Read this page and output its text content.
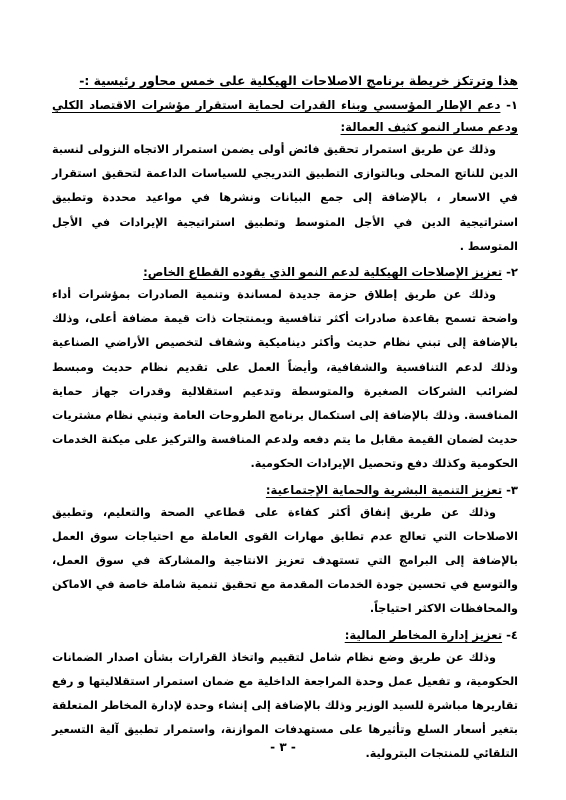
هذا وترتكز خريطة برنامج الاصلاحات الهيكلية على خمس محاور رئيسية :-

١- دعم الإطار المؤسسي وبناء القدرات لحماية استقرار مؤشرات الاقتصاد الكلي ودعم مسار النمو كثيف العمالة:

وذلك عن طريق استمرار تحقيق فائض أولى يضمن استمرار الاتجاه النزولى لنسبة الدين للناتج المحلى وبالتوازى التطبيق التدريجي للسياسات الداعمة لتحقيق استقرار في الاسعار ، بالإضافة إلى جمع البيانات ونشرها في مواعيد محددة وتطبيق استراتيجية الدين في الأجل المتوسط وتطبيق استراتيجية الإيرادات في الأجل المتوسط .

٢- تعزيز الإصلاحات الهيكلية لدعم النمو الذي يقوده القطاع الخاص:

وذلك عن طريق إطلاق حزمة جديدة لمساندة وتنمية الصادرات بمؤشرات أداء واضحة تسمح بقاعدة صادرات أكثر تنافسية وبمنتجات ذات قيمة مضافة أعلى، وذلك بالإضافة إلى تبني نظام حديث وأكثر ديناميكية وشفاف لتخصيص الأراضي الصناعية وذلك لدعم التنافسية والشفافية، وأيضاً العمل على تقديم نظام حديث ومبسط لضرائب الشركات الصغيرة والمتوسطة وتدعيم استقلالية وقدرات جهاز حماية المنافسة. وذلك بالإضافة إلى استكمال برنامج الطروحات العامة وتبني نظام مشتريات حديث لضمان القيمة مقابل ما يتم دفعه ولدعم المنافسة والتركيز على ميكنة الخدمات الحكومية وكذلك دفع وتحصيل الإيرادات الحكومية.

٣- تعزيز التنمية البشرية والحماية الإجتماعية:

وذلك عن طريق إنفاق أكثر كفاءة على قطاعي الصحة والتعليم، وتطبيق الاصلاحات التي تعالج عدم تطابق مهارات القوى العاملة مع احتياجات سوق العمل بالإضافة إلى البرامج التي تستهدف تعزيز الانتاجية والمشاركة في سوق العمل، والتوسع في تحسين جودة الخدمات المقدمة مع تحقيق تنمية شاملة خاصة في الاماكن والمحافظات الاكثر احتياجاً.

٤- تعزيز إدارة المخاطر المالية:

وذلك عن طريق وضع نظام شامل لتقييم واتخاذ القرارات بشأن اصدار الضمانات الحكومية، و تفعيل عمل وحدة المراجعة الداخلية مع ضمان استمرار استقلاليتها و رفع تقاريرها مباشرة للسيد الوزير وذلك بالإضافة إلى إنشاء وحدة لإدارة المخاطر المتعلقة بتغير أسعار السلع وتأثيرها على مستهدفات الموازنة، واستمرار تطبيق آلية التسعير التلقائي للمنتجات البترولية.

- ٣ -
